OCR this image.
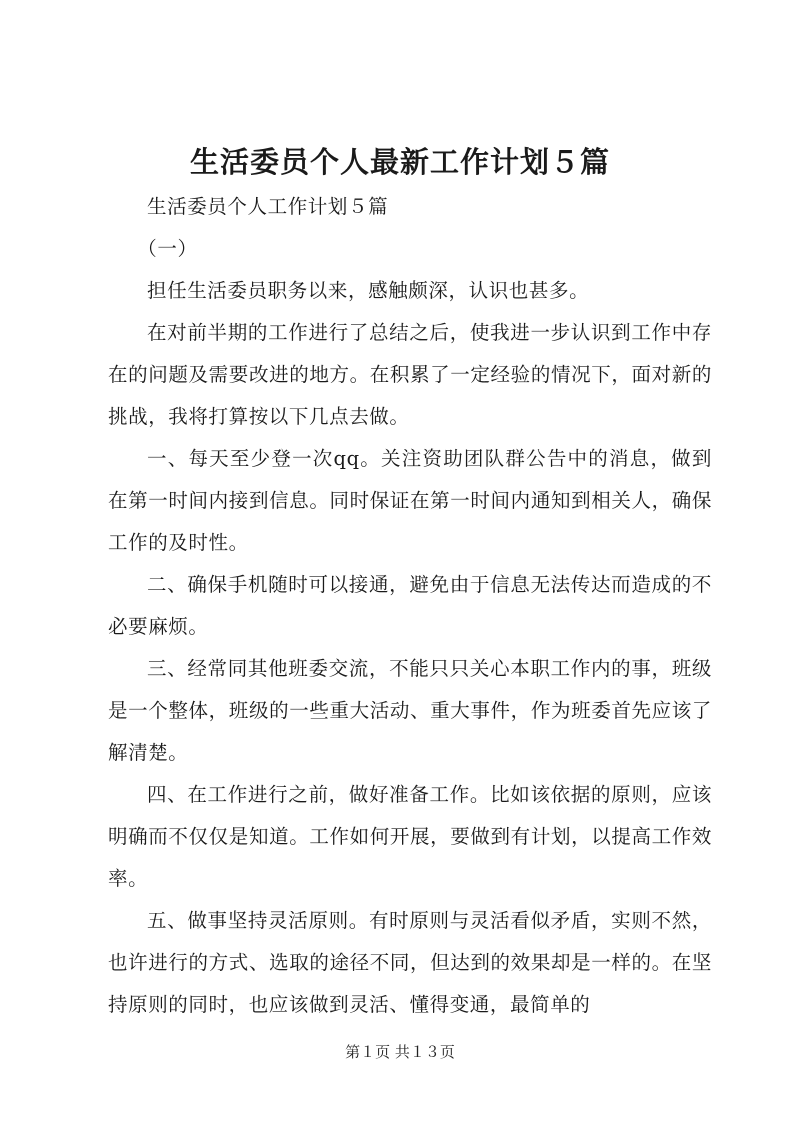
生活委员个人最新工作计划５篇

生活委员个人工作计划５篇

（一）

担任生活委员职务以来，感触颇深，认识也甚多。

在对前半期的工作进行了总结之后，使我进一步认识到工作中存在的问题及需要改进的地方。在积累了一定经验的情况下，面对新的挑战，我将打算按以下几点去做。

一、每天至少登一次qq。关注资助团队群公告中的消息，做到在第一时间内接到信息。同时保证在第一时间内通知到相关人，确保工作的及时性。

二、确保手机随时可以接通，避免由于信息无法传达而造成的不必要麻烦。

三、经常同其他班委交流，不能只只关心本职工作内的事，班级是一个整体，班级的一些重大活动、重大事件，作为班委首先应该了解清楚。

四、在工作进行之前，做好准备工作。比如该依据的原则，应该明确而不仅仅是知道。工作如何开展，要做到有计划，以提高工作效率。

五、做事坚持灵活原则。有时原则与灵活看似矛盾，实则不然，也许进行的方式、选取的途径不同，但达到的效果却是一样的。在坚持原则的同时，也应该做到灵活、懂得变通，最简单的

第１页 共１３页
